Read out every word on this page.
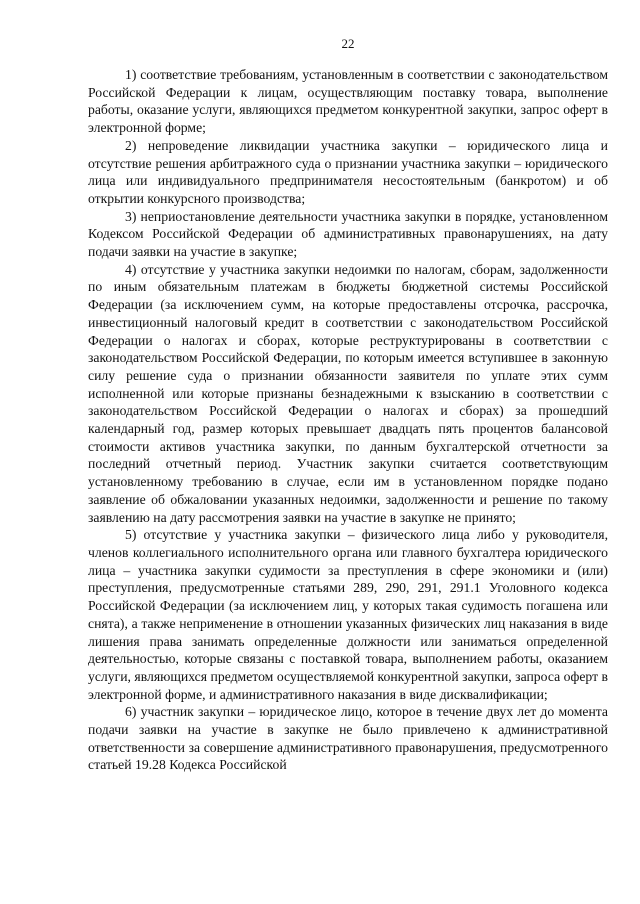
22

1) соответствие требованиям, установленным в соответствии с законодательством Российской Федерации к лицам, осуществляющим поставку товара, выполнение работы, оказание услуги, являющихся предметом конкурентной закупки, запрос оферт в электронной форме;

2) непроведение ликвидации участника закупки – юридического лица и отсутствие решения арбитражного суда о признании участника закупки – юридического лица или индивидуального предпринимателя несостоятельным (банкротом) и об открытии конкурсного производства;

3) неприостановление деятельности участника закупки в порядке, установленном Кодексом Российской Федерации об административных правонарушениях, на дату подачи заявки на участие в закупке;

4) отсутствие у участника закупки недоимки по налогам, сборам, задолженности по иным обязательным платежам в бюджеты бюджетной системы Российской Федерации (за исключением сумм, на которые предоставлены отсрочка, рассрочка, инвестиционный налоговый кредит в соответствии с законодательством Российской Федерации о налогах и сборах, которые реструктурированы в соответствии с законодательством Российской Федерации, по которым имеется вступившее в законную силу решение суда о признании обязанности заявителя по уплате этих сумм исполненной или которые признаны безнадежными к взысканию в соответствии с законодательством Российской Федерации о налогах и сборах) за прошедший календарный год, размер которых превышает двадцать пять процентов балансовой стоимости активов участника закупки, по данным бухгалтерской отчетности за последний отчетный период. Участник закупки считается соответствующим установленному требованию в случае, если им в установленном порядке подано заявление об обжаловании указанных недоимки, задолженности и решение по такому заявлению на дату рассмотрения заявки на участие в закупке не принято;

5) отсутствие у участника закупки – физического лица либо у руководителя, членов коллегиального исполнительного органа или главного бухгалтера юридического лица – участника закупки судимости за преступления в сфере экономики и (или) преступления, предусмотренные статьями 289, 290, 291, 291.1 Уголовного кодекса Российской Федерации (за исключением лиц, у которых такая судимость погашена или снята), а также неприменение в отношении указанных физических лиц наказания в виде лишения права занимать определенные должности или заниматься определенной деятельностью, которые связаны с поставкой товара, выполнением работы, оказанием услуги, являющихся предметом осуществляемой конкурентной закупки, запроса оферт в электронной форме, и административного наказания в виде дисквалификации;

6) участник закупки – юридическое лицо, которое в течение двух лет до момента подачи заявки на участие в закупке не было привлечено к административной ответственности за совершение административного правонарушения, предусмотренного статьей 19.28 Кодекса Российской
